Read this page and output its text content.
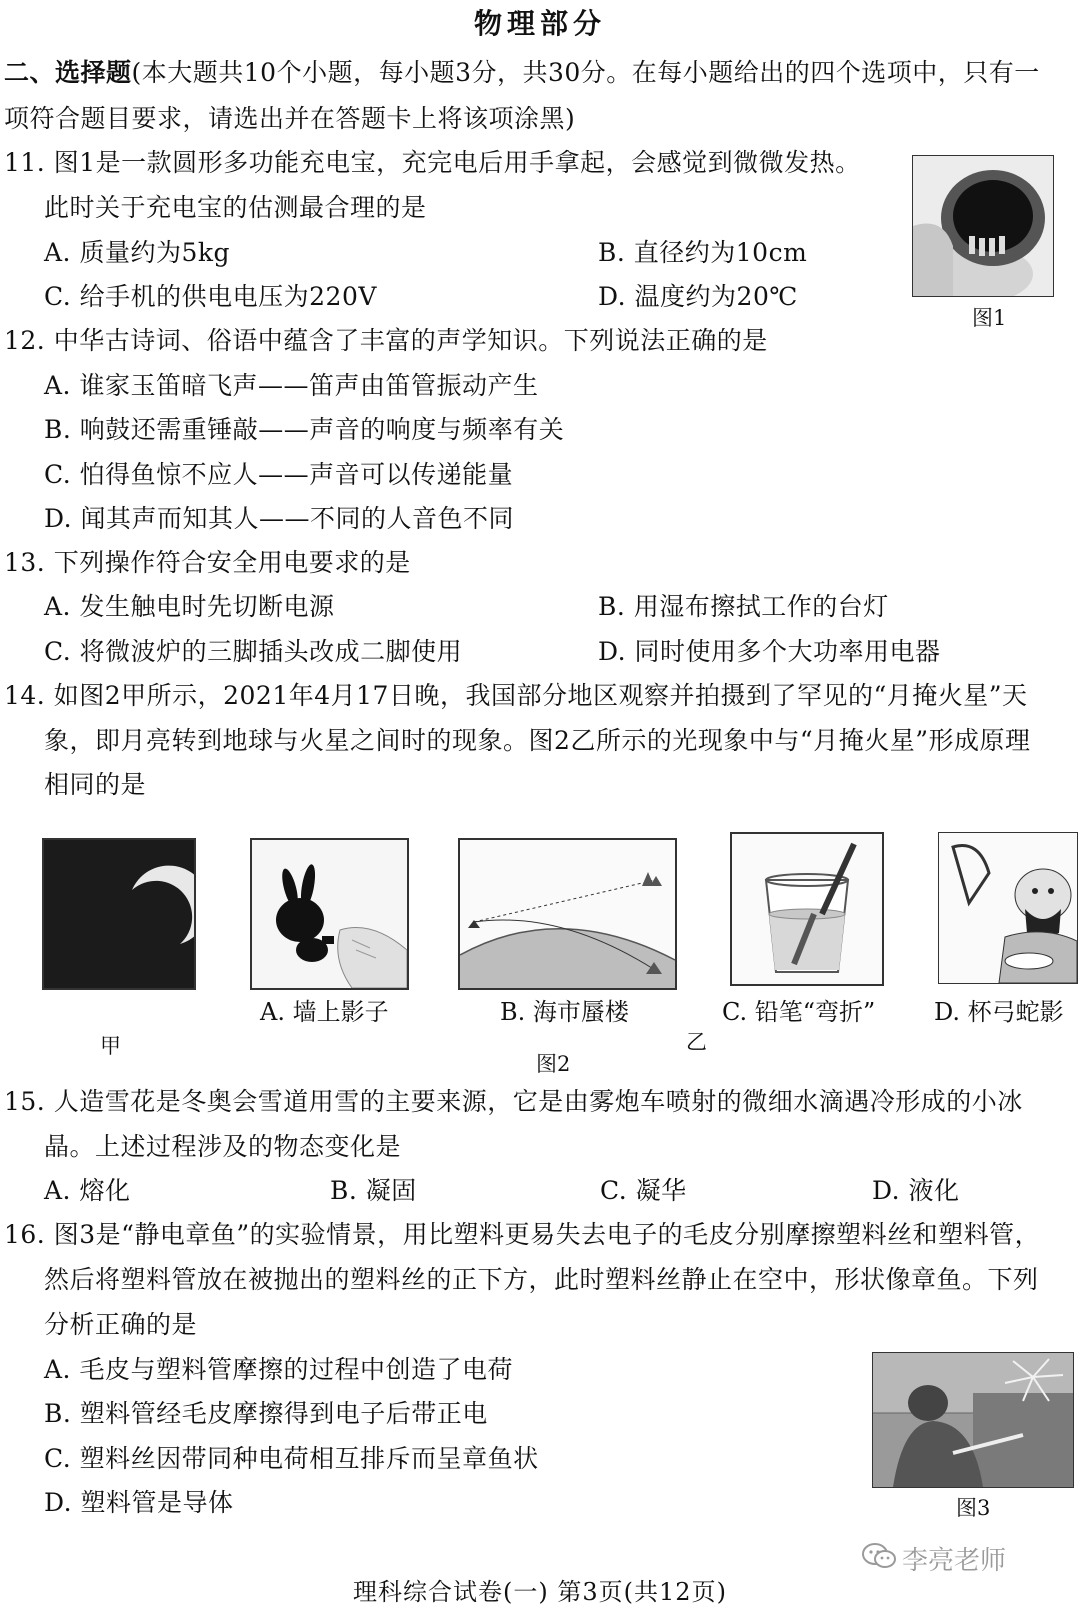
物理部分
二、选择题(本大题共10个小题，每小题3分，共30分。在每小题给出的四个选项中，只有一
项符合题目要求，请选出并在答题卡上将该项涂黑)
11. 图1是一款圆形多功能充电宝，充完电后用手拿起，会感觉到微微发热。
此时关于充电宝的估测最合理的是
A. 质量约为5kg	B. 直径约为10cm
C. 给手机的供电电压为220V	D. 温度约为20℃
图1
12. 中华古诗词、俗语中蕴含了丰富的声学知识。下列说法正确的是
A. 谁家玉笛暗飞声——笛声由笛管振动产生
B. 响鼓还需重锤敲——声音的响度与频率有关
C. 怕得鱼惊不应人——声音可以传递能量
D. 闻其声而知其人——不同的人音色不同
13. 下列操作符合安全用电要求的是
A. 发生触电时先切断电源	B. 用湿布擦拭工作的台灯
C. 将微波炉的三脚插头改成二脚使用	D. 同时使用多个大功率用电器
14. 如图2甲所示，2021年4月17日晚，我国部分地区观察并拍摄到了罕见的“月掩火星”天
象，即月亮转到地球与火星之间时的现象。图2乙所示的光现象中与“月掩火星”形成原理
相同的是
甲
A. 墙上影子	B. 海市蜃楼	C. 铅笔“弯折” D. 杯弓蛇影
乙
图2
15. 人造雪花是冬奥会雪道用雪的主要来源，它是由雾炮车喷射的微细水滴遇冷形成的小冰
晶。上述过程涉及的物态变化是
A. 熔化	B. 凝固	C. 凝华	D. 液化
16. 图3是“静电章鱼”的实验情景，用比塑料更易失去电子的毛皮分别摩擦塑料丝和塑料管，
然后将塑料管放在被抛出的塑料丝的正下方，此时塑料丝静止在空中，形状像章鱼。下列
分析正确的是
A. 毛皮与塑料管摩擦的过程中创造了电荷
B. 塑料管经毛皮摩擦得到电子后带正电
C. 塑料丝因带同种电荷相互排斥而呈章鱼状
D. 塑料管是导体	图3
李亮老师
理科综合试卷(一) 第3页(共12页)
